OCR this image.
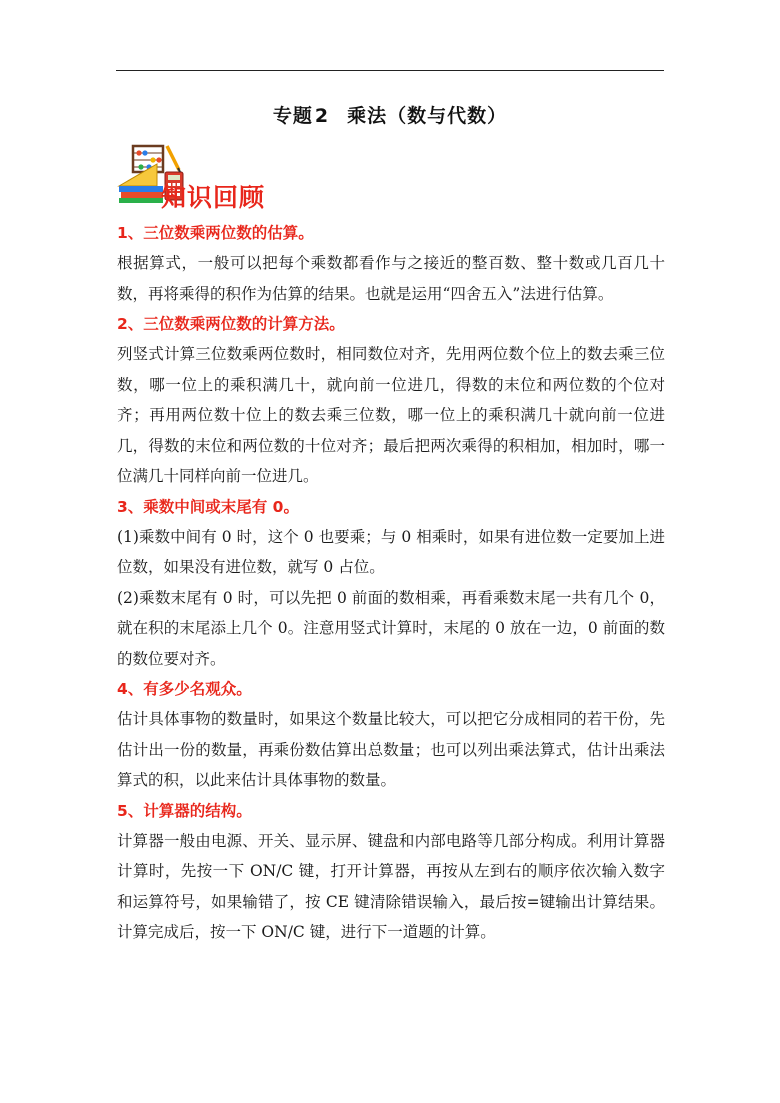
专题 2 乘法（数与代数）
知识回顾
1、三位数乘两位数的估算。

根据算式，一般可以把每个乘数都看作与之接近的整百数、整十数或几百几十数，再将乘得的积作为估算的结果。也就是运用“四舍五入”法进行估算。

2、三位数乘两位数的计算方法。

列竖式计算三位数乘两位数时，相同数位对齐，先用两位数个位上的数去乘三位数，哪一位上的乘积满几十，就向前一位进几，得数的末位和两位数的个位对齐；再用两位数十位上的数去乘三位数，哪一位上的乘积满几十就向前一位进几，得数的末位和两位数的十位对齐；最后把两次乘得的积相加，相加时，哪一位满几十同样向前一位进几。

3、乘数中间或末尾有 0。

(1)乘数中间有 0 时，这个 0 也要乘；与 0 相乘时，如果有进位数一定要加上进位数，如果没有进位数，就写 0 占位。

(2)乘数末尾有 0 时，可以先把 0 前面的数相乘，再看乘数末尾一共有几个 0，就在积的末尾添上几个 0。注意用竖式计算时，末尾的 0 放在一边，0 前面的数的数位要对齐。

4、有多少名观众。

估计具体事物的数量时，如果这个数量比较大，可以把它分成相同的若干份，先估计出一份的数量，再乘份数估算出总数量；也可以列出乘法算式，估计出乘法算式的积，以此来估计具体事物的数量。

5、计算器的结构。

计算器一般由电源、开关、显示屏、键盘和内部电路等几部分构成。利用计算器计算时，先按一下 ON/C 键，打开计算器，再按从左到右的顺序依次输入数字和运算符号，如果输错了，按 CE 键清除错误输入，最后按=键输出计算结果。计算完成后，按一下 ON/C 键，进行下一道题的计算。
